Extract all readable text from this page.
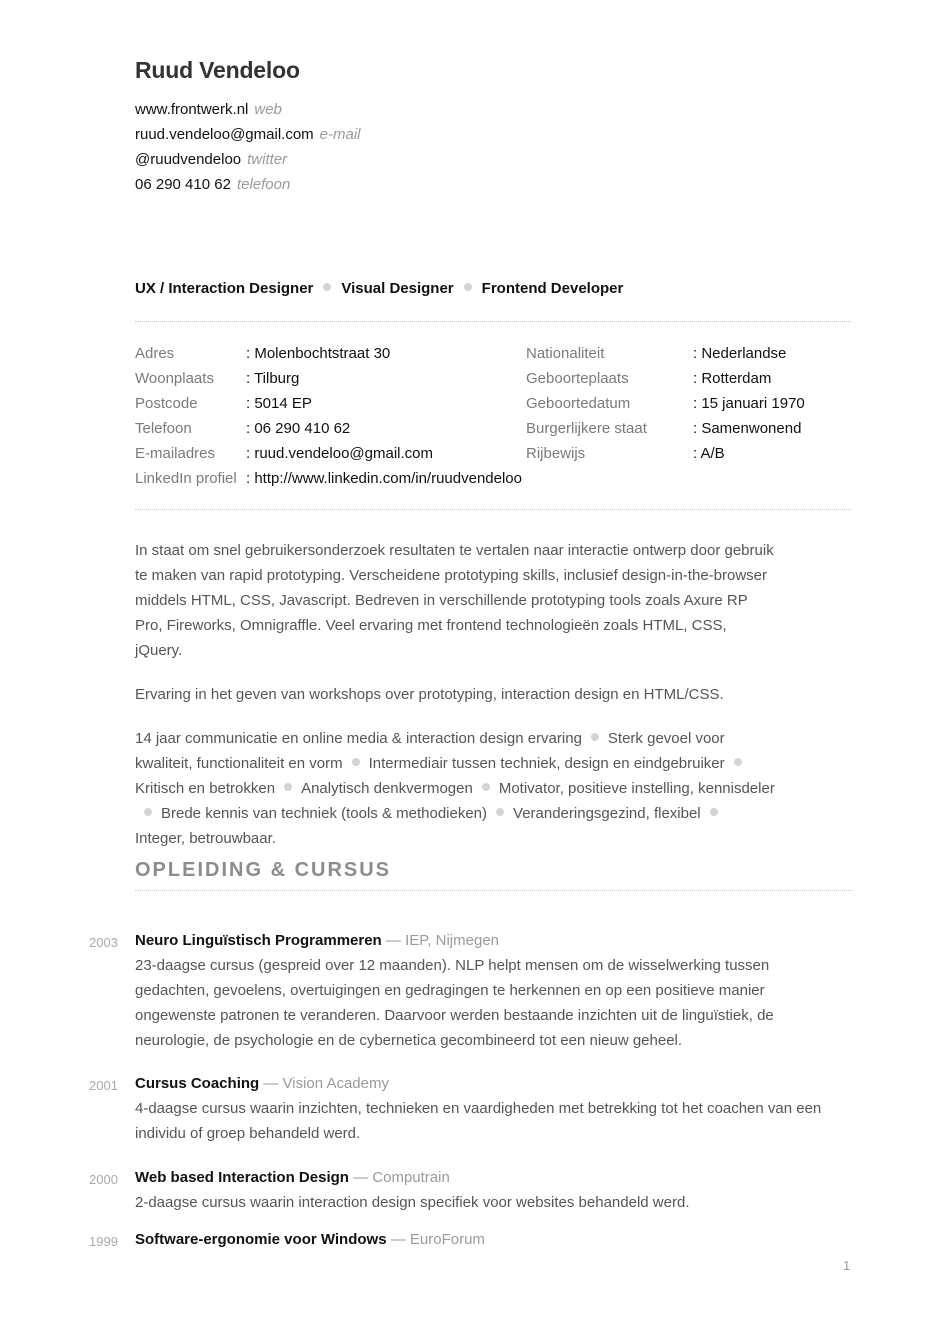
Ruud Vendeloo
www.frontwerk.nl web
ruud.vendeloo@gmail.com e-mail
@ruudvendeloo twitter
06 290 410 62 telefoon
UX / Interaction Designer Visual Designer Frontend Developer
Adres	: Molenbochtstraat 30
Woonplaats	: Tilburg
Postcode	: 5014 EP
Telefoon	: 06 290 410 62
E-mailadres	: ruud.vendeloo@gmail.com
LinkedIn profiel : http://www.linkedin.com/in/ruudvendeloo
Nationaliteit	: Nederlandse
Geboorteplaats	: Rotterdam
Geboortedatum	: 15 januari 1970
Burgerlijkere staat	: Samenwonend
Rijbewijs	: A/B

In staat om snel gebruikersonderzoek resultaten te vertalen naar interactie ontwerp door gebruik te maken van rapid prototyping. Verscheidene prototyping skills, inclusief design-in-the-browser middels HTML, CSS, Javascript. Bedreven in verschillende prototyping tools zoals Axure RP Pro, Fireworks, Omnigraffle. Veel ervaring met frontend technologieën zoals HTML, CSS, jQuery.

Ervaring in het geven van workshops over prototyping, interaction design en HTML/CSS.

14 jaar communicatie en online media & interaction design ervaring Sterk gevoel voor kwaliteit, functionaliteit en vorm Intermediair tussen techniek, design en eindgebruikerKritisch en betrokken Analytisch denkvermogen Motivator, positieve instelling, kennisdelerBrede kennis van techniek (tools & methodieken) Veranderingsgezind, flexibelInteger, betrouwbaar.

OPLEIDING & CURSUS
2003 Neuro Linguïstisch Programmeren — IEP, Nijmegen
23-daagse cursus (gespreid over 12 maanden). NLP helpt mensen om de wisselwerking tussen gedachten, gevoelens, overtuigingen en gedragingen te herkennen en op een positieve manier ongewenste patronen te veranderen. Daarvoor werden bestaande inzichten uit de linguïstiek, de neurologie, de psychologie en de cybernetica gecombineerd tot een nieuw geheel.
2001 Cursus Coaching — Vision Academy
4-daagse cursus waarin inzichten, technieken en vaardigheden met betrekking tot het coachen van een individu of groep behandeld werd.
2000 Web based Interaction Design — Computrain
2-daagse cursus waarin interaction design specifiek voor websites behandeld werd.
1999 Software-ergonomie voor Windows — EuroForum
1
